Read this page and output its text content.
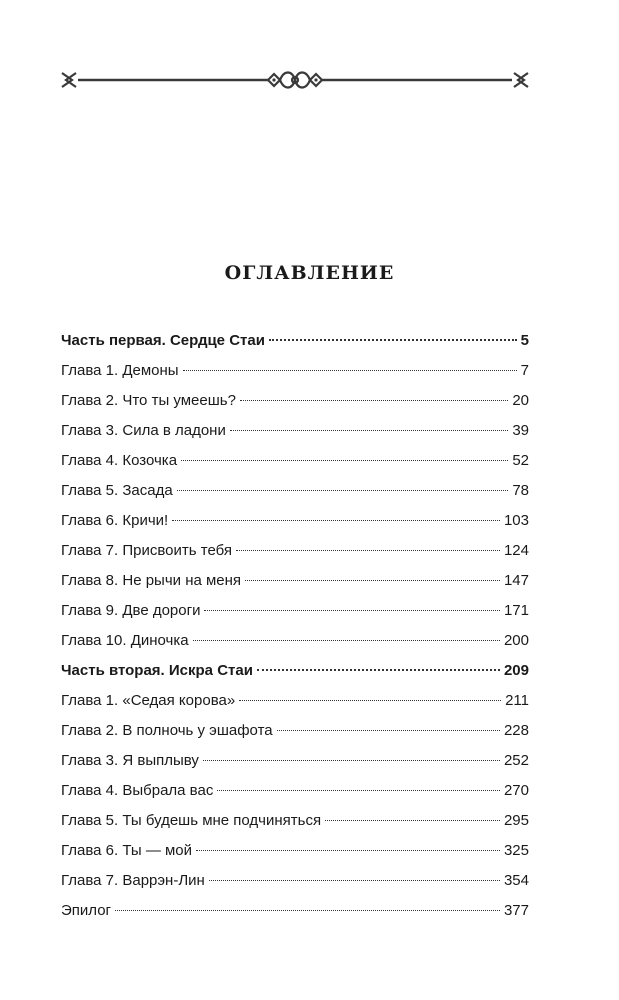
ОГЛАВЛЕНИЕ
Часть первая. Сердце Стаи	5
Глава 1. Демоны	7
Глава 2. Что ты умеешь?	20
Глава 3. Сила в ладони	39
Глава 4. Козочка	52
Глава 5. Засада	78
Глава 6. Кричи!	103
Глава 7. Присвоить тебя	124
Глава 8. Не рычи на меня	147
Глава 9. Две дороги	171
Глава 10. Диночка	200
Часть вторая. Искра Стаи	209
Глава 1. «Седая корова»	211
Глава 2. В полночь у эшафота	228
Глава 3. Я выплыву	252
Глава 4. Выбрала вас	270
Глава 5. Ты будешь мне подчиняться	295
Глава 6. Ты — мой	325
Глава 7. Варрэн-Лин	354
Эпилог	377
